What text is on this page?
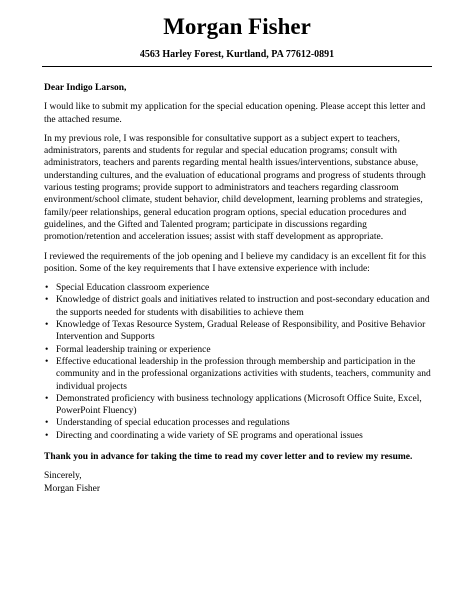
Morgan Fisher
4563 Harley Forest, Kurtland, PA 77612-0891

Dear Indigo Larson,

I would like to submit my application for the special education opening. Please accept this letter and the attached resume.

In my previous role, I was responsible for consultative support as a subject expert to teachers, administrators, parents and students for regular and special education programs; consult with administrators, teachers and parents regarding mental health issues/interventions, substance abuse, understanding cultures, and the evaluation of educational programs and progress of students through various testing programs; provide support to administrators and teachers regarding classroom environment/school climate, student behavior, child development, learning problems and strategies, family/peer relationships, general education program options, special education procedures and guidelines, and the Gifted and Talented program; participate in discussions regarding promotion/retention and acceleration issues; assist with staff development as appropriate.

I reviewed the requirements of the job opening and I believe my candidacy is an excellent fit for this position. Some of the key requirements that I have extensive experience with include:

• Special Education classroom experience
• Knowledge of district goals and initiatives related to instruction and post-secondary education and the supports needed for students with disabilities to achieve them
• Knowledge of Texas Resource System, Gradual Release of Responsibility, and Positive Behavior Intervention and Supports
• Formal leadership training or experience
• Effective educational leadership in the profession through membership and participation in the community and in the professional organizations activities with students, teachers, community and individual projects
• Demonstrated proficiency with business technology applications (Microsoft Office Suite, Excel, PowerPoint Fluency)
• Understanding of special education processes and regulations
• Directing and coordinating a wide variety of SE programs and operational issues

Thank you in advance for taking the time to read my cover letter and to review my resume.

Sincerely,

Morgan Fisher
